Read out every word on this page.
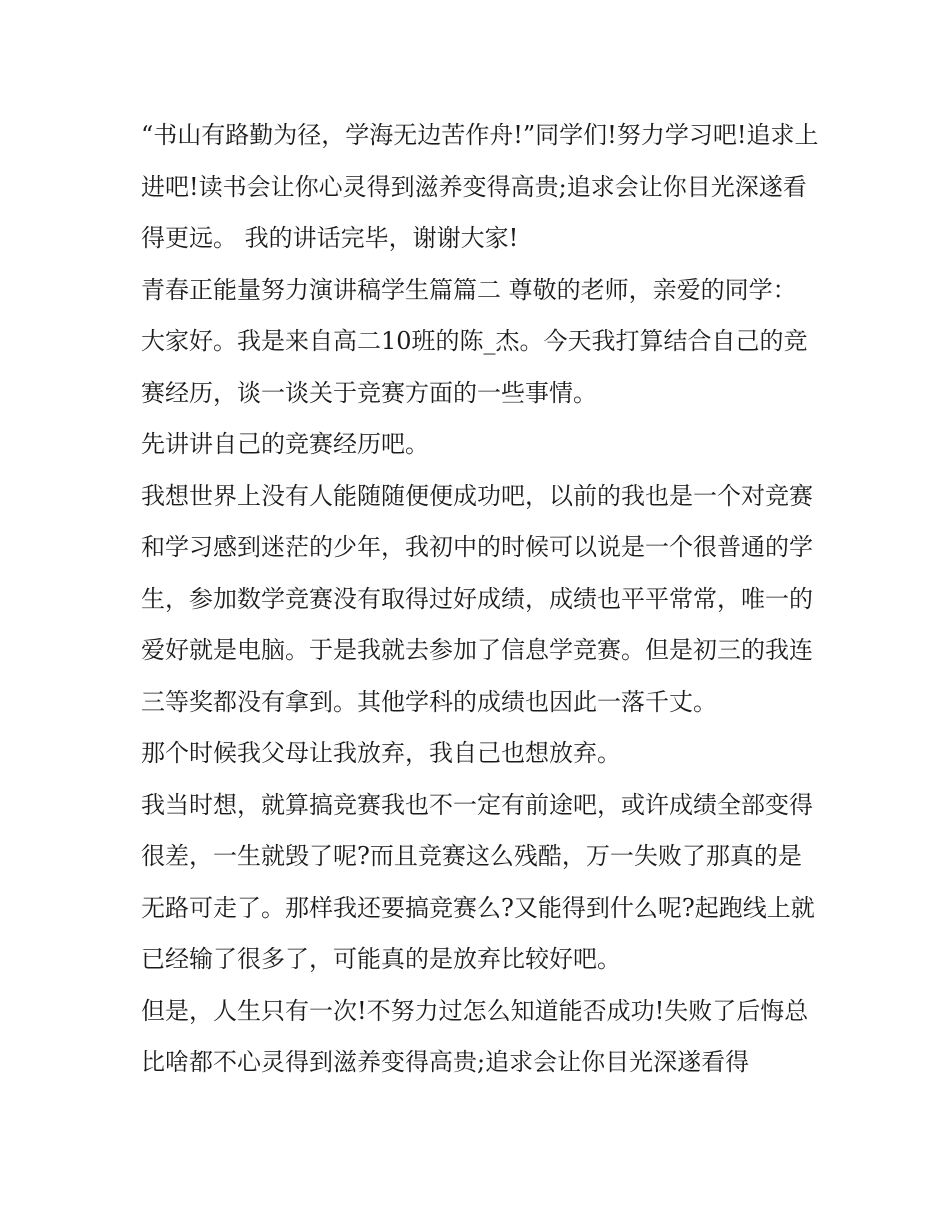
“书山有路勤为径，学海无边苦作舟!”同学们!努力学习吧!追求上进吧!读书会让你心灵得到滋养变得高贵;追求会让你目光深遂看得更远。 我的讲话完毕，谢谢大家!

青春正能量努力演讲稿学生篇篇二 尊敬的老师，亲爱的同学： 大家好。我是来自高二10班的陈_杰。今天我打算结合自己的竞赛经历，谈一谈关于竞赛方面的一些事情。

先讲讲自己的竞赛经历吧。

我想世界上没有人能随随便便成功吧，以前的我也是一个对竞赛和学习感到迷茫的少年，我初中的时候可以说是一个很普通的学生，参加数学竞赛没有取得过好成绩，成绩也平平常常，唯一的爱好就是电脑。于是我就去参加了信息学竞赛。但是初三的我连三等奖都没有拿到。其他学科的成绩也因此一落千丈。

那个时候我父母让我放弃，我自己也想放弃。

我当时想，就算搞竞赛我也不一定有前途吧，或许成绩全部变得很差，一生就毁了呢?而且竞赛这么残酷，万一失败了那真的是无路可走了。那样我还要搞竞赛么?又能得到什么呢?起跑线上就已经输了很多了，可能真的是放弃比较好吧。

但是，人生只有一次!不努力过怎么知道能否成功!失败了后悔总比啥都不心灵得到滋养变得高贵;追求会让你目光深遂看得
